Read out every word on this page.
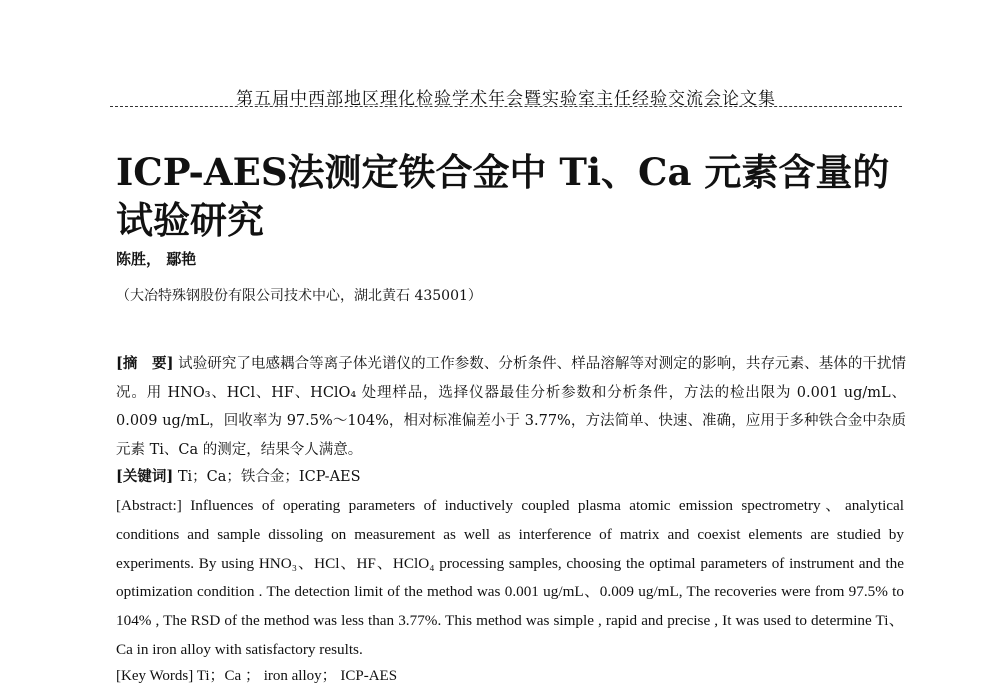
第五届中西部地区理化检验学术年会暨实验室主任经验交流会论文集
ICP-AES法测定铁合金中 Ti、Ca 元素含量的试验研究
陈胜， 鄢艳
（大冶特殊钢股份有限公司技术中心，湖北黄石 435001）

[摘　要] 试验研究了电感耦合等离子体光谱仪的工作参数、分析条件、样品溶解等对测定的影响，共存元素、基体的干扰情况。用 HNO₃、HCl、HF、HClO₄ 处理样品，选择仪器最佳分析参数和分析条件，方法的检出限为 0.001 ug/mL、0.009 ug/mL，回收率为 97.5%～104%，相对标准偏差小于 3.77%，方法简单、快速、准确，应用于多种铁合金中杂质元素 Ti、Ca 的测定，结果令人满意。

[关键词] Ti；Ca；铁合金；ICP-AES

[Abstract:] Influences of operating parameters of inductively coupled plasma atomic emission spectrometry、analytical conditions and sample dissoling on measurement as well as interference of matrix and coexist elements are studied by experiments. By using HNO₃、HCl、HF、HClO₄ processing samples, choosing the optimal parameters of instrument and the optimization condition . The detection limit of the method was 0.001 ug/mL、0.009 ug/mL, The recoveries were from 97.5% to 104% , The RSD of the method was less than 3.77%. This method was simple , rapid and precise , It was used to determine Ti、Ca in iron alloy with satisfactory results.

[Key Words] Ti；Ca ； iron alloy； ICP-AES
